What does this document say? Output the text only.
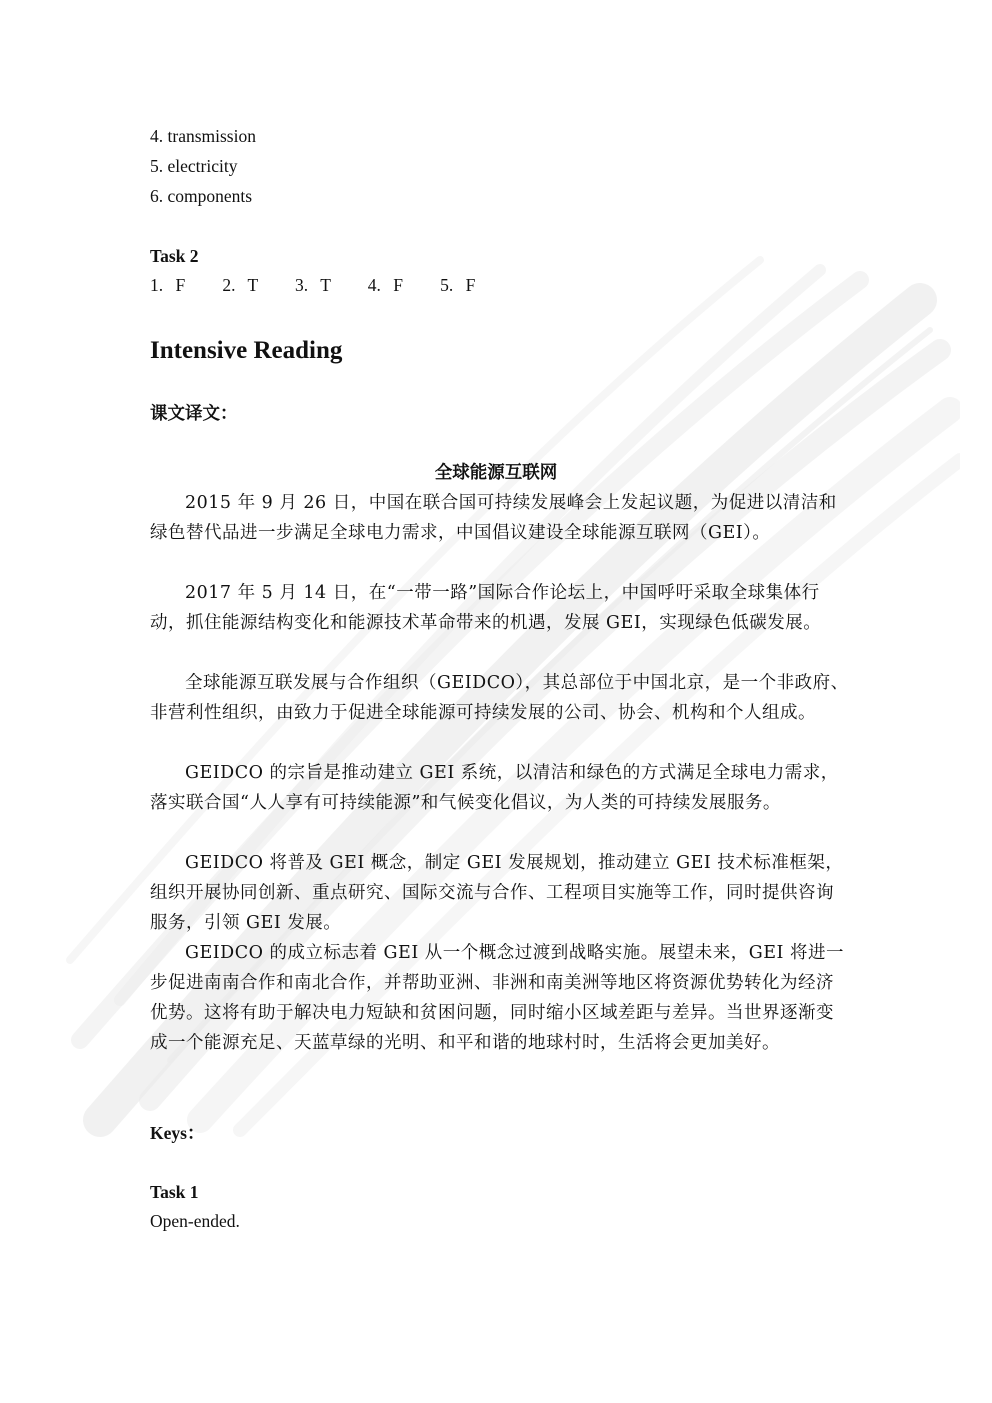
4. transmission
5. electricity
6. components
Task 2
1. F   2. T   3. T   4. F   5. F
Intensive Reading
课文译文：
全球能源互联网
2015 年 9 月 26 日，中国在联合国可持续发展峰会上发起议题，为促进以清洁和绿色替代品进一步满足全球电力需求，中国倡议建设全球能源互联网（GEI）。
2017 年 5 月 14 日，在“一带一路”国际合作论坛上，中国呼吁采取全球集体行动，抓住能源结构变化和能源技术革命带来的机遇，发展 GEI，实现绿色低碳发展。
全球能源互联发展与合作组织（GEIDCO），其总部位于中国北京，是一个非政府、非营利性组织，由致力于促进全球能源可持续发展的公司、协会、机构和个人组成。
GEIDCO 的宗旨是推动建立 GEI 系统，以清洁和绿色的方式满足全球电力需求，落实联合国“人人享有可持续能源”和气候变化倡议，为人类的可持续发展服务。
GEIDCO 将普及 GEI 概念，制定 GEI 发展规划，推动建立 GEI 技术标准框架，组织开展协同创新、重点研究、国际交流与合作、工程项目实施等工作，同时提供咨询服务，引领 GEI 发展。
GEIDCO 的成立标志着 GEI 从一个概念过渡到战略实施。展望未来，GEI 将进一步促进南南合作和南北合作，并帮助亚洲、非洲和南美洲等地区将资源优势转化为经济优势。这将有助于解决电力短缺和贫困问题，同时缩小区域差距与差异。当世界逐渐变成一个能源充足、天蓝草绿的光明、和平和谐的地球村时，生活将会更加美好。
Keys：
Task 1
Open-ended.
